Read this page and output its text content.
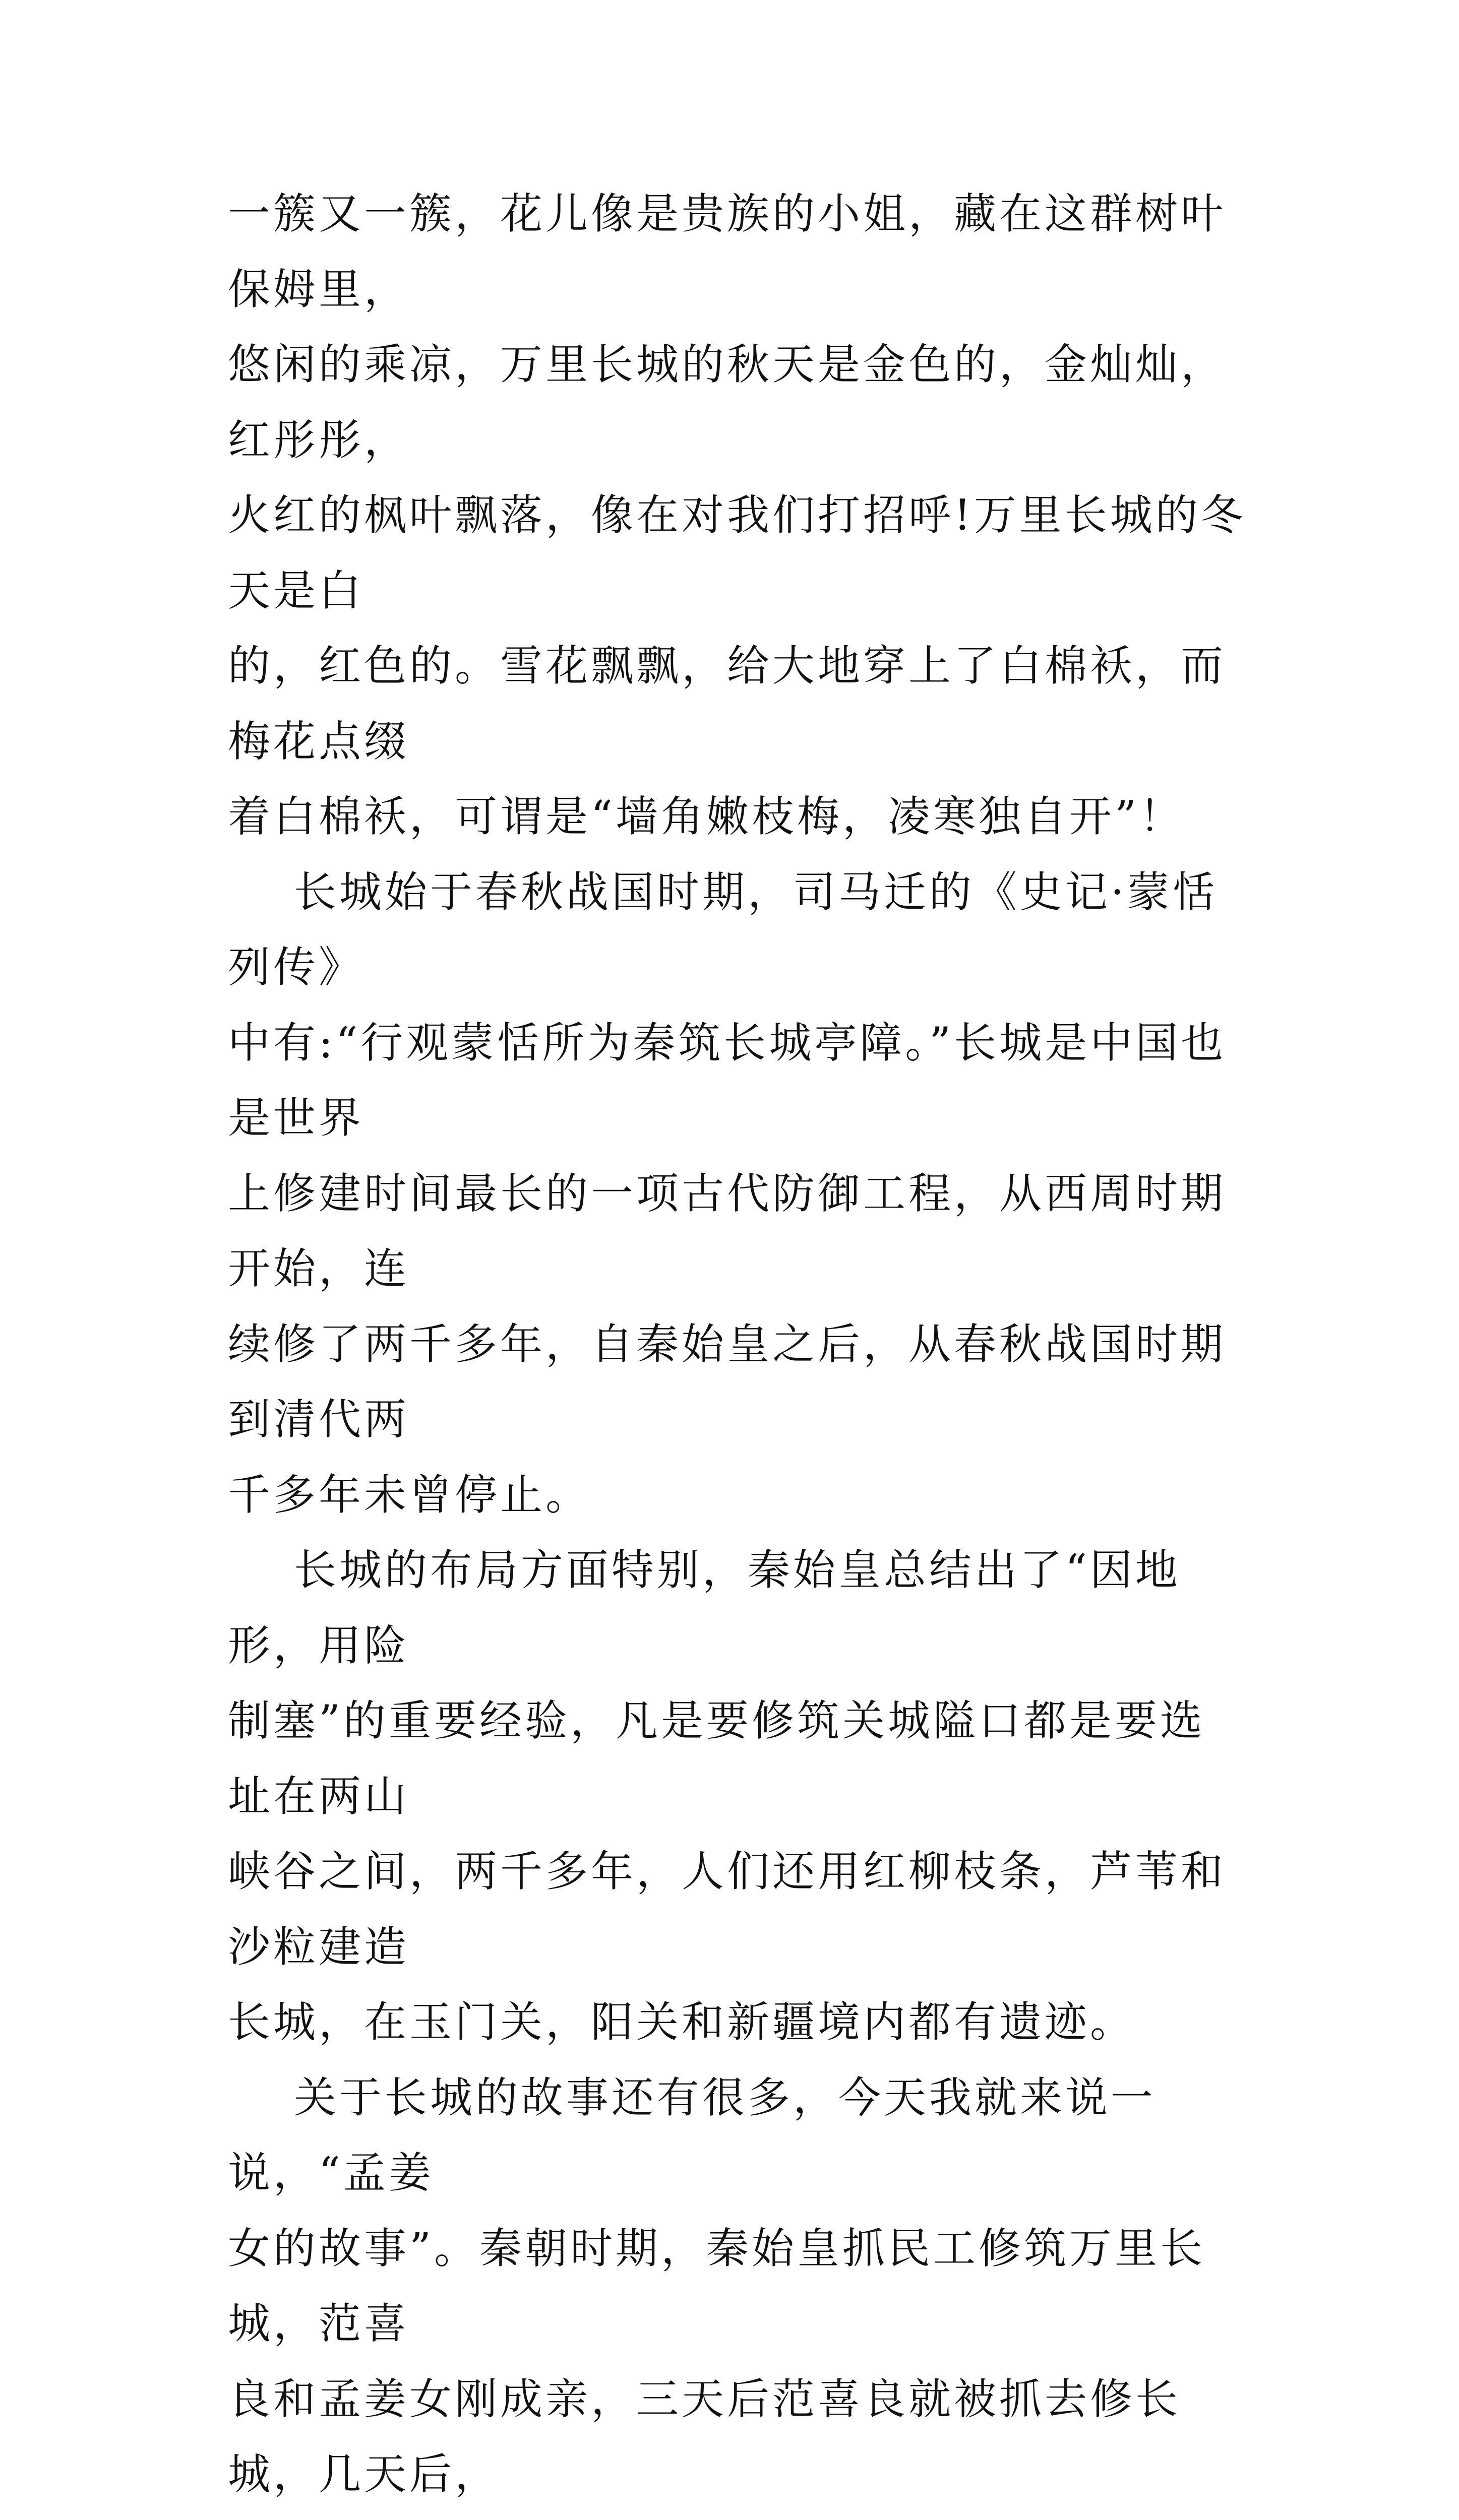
一簇又一簇，花儿像是贵族的小姐，藏在这群树叶保姆里，
悠闲的乘凉，万里长城的秋天是金色的，金灿灿，红彤彤，
火红的枫叶飘落，像在对我们打招呼!万里长城的冬天是白
的，红色的。雪花飘飘，给大地穿上了白棉袄，而梅花点缀
着白棉袄，可谓是“墙角嫩枝梅，凌寒独自开”！

长城始于春秋战国时期，司马迁的《史记·蒙恬列传》
中有:“行观蒙恬所为秦筑长城亭障。”长城是中国也是世界
上修建时间最长的一项古代防御工程，从西周时期开始，连
续修了两千多年，自秦始皇之后，从春秋战国时期到清代两
千多年未曾停止。

长城的布局方面特别，秦始皇总结出了“因地形，用险
制塞”的重要经验，凡是要修筑关城隘口都是要选址在两山
峡谷之间，两千多年，人们还用红柳枝条，芦苇和沙粒建造
长城，在玉门关，阳关和新疆境内都有遗迹。

关于长城的故事还有很多，今天我就来说一说，“孟姜
女的故事”。秦朝时期，秦始皇抓民工修筑万里长城，范喜
良和孟姜女刚成亲，三天后范喜良就被抓去修长城，几天后，
